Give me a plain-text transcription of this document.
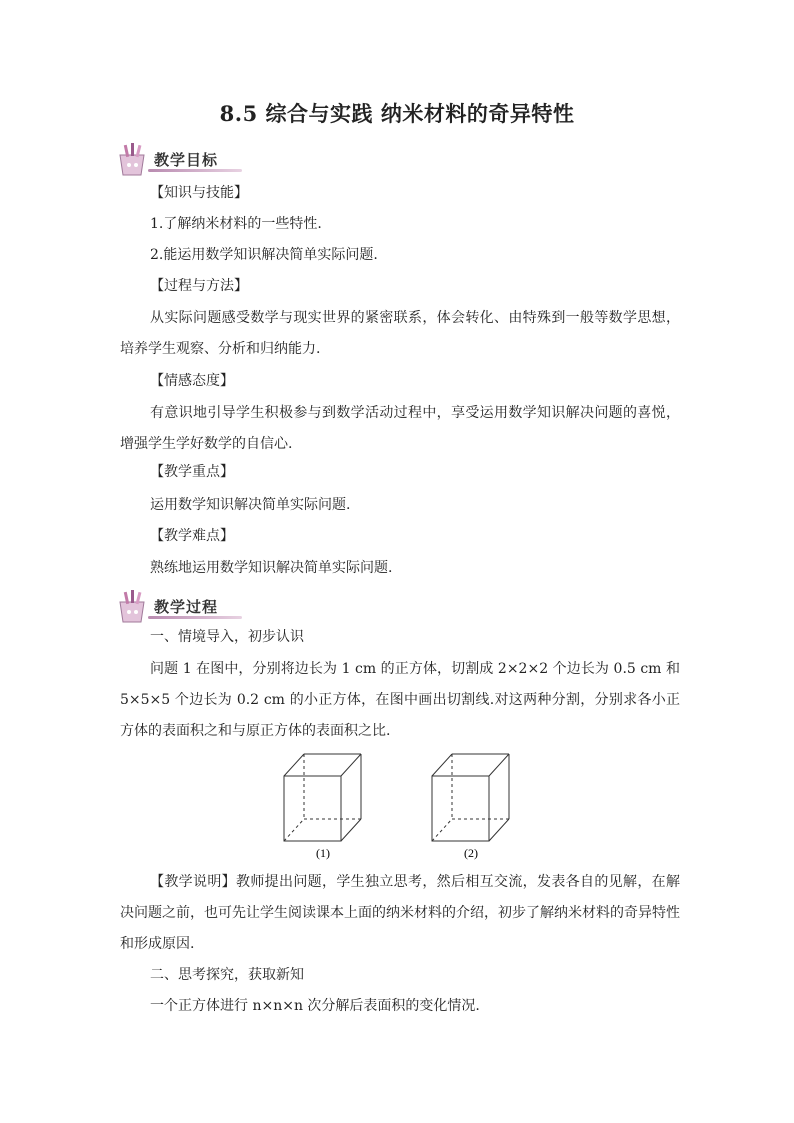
8.5 综合与实践 纳米材料的奇异特性
教学目标
【知识与技能】
1.了解纳米材料的一些特性.
2.能运用数学知识解决简单实际问题.
【过程与方法】
从实际问题感受数学与现实世界的紧密联系，体会转化、由特殊到一般等数学思想，培养学生观察、分析和归纳能力.
【情感态度】
有意识地引导学生积极参与到数学活动过程中，享受运用数学知识解决问题的喜悦，增强学生学好数学的自信心.
【教学重点】
运用数学知识解决简单实际问题.
【教学难点】
熟练地运用数学知识解决简单实际问题.
教学过程
一、情境导入，初步认识
问题 1 在图中，分别将边长为 1 cm 的正方体，切割成 2×2×2 个边长为 0.5 cm 和 5×5×5 个边长为 0.2 cm 的小正方体，在图中画出切割线.对这两种分割，分别求各小正方体的表面积之和与原正方体的表面积之比.
(1)	(2)
【教学说明】教师提出问题，学生独立思考，然后相互交流，发表各自的见解，在解决问题之前，也可先让学生阅读课本上面的纳米材料的介绍，初步了解纳米材料的奇异特性和形成原因.
二、思考探究，获取新知
一个正方体进行 n×n×n 次分解后表面积的变化情况.
